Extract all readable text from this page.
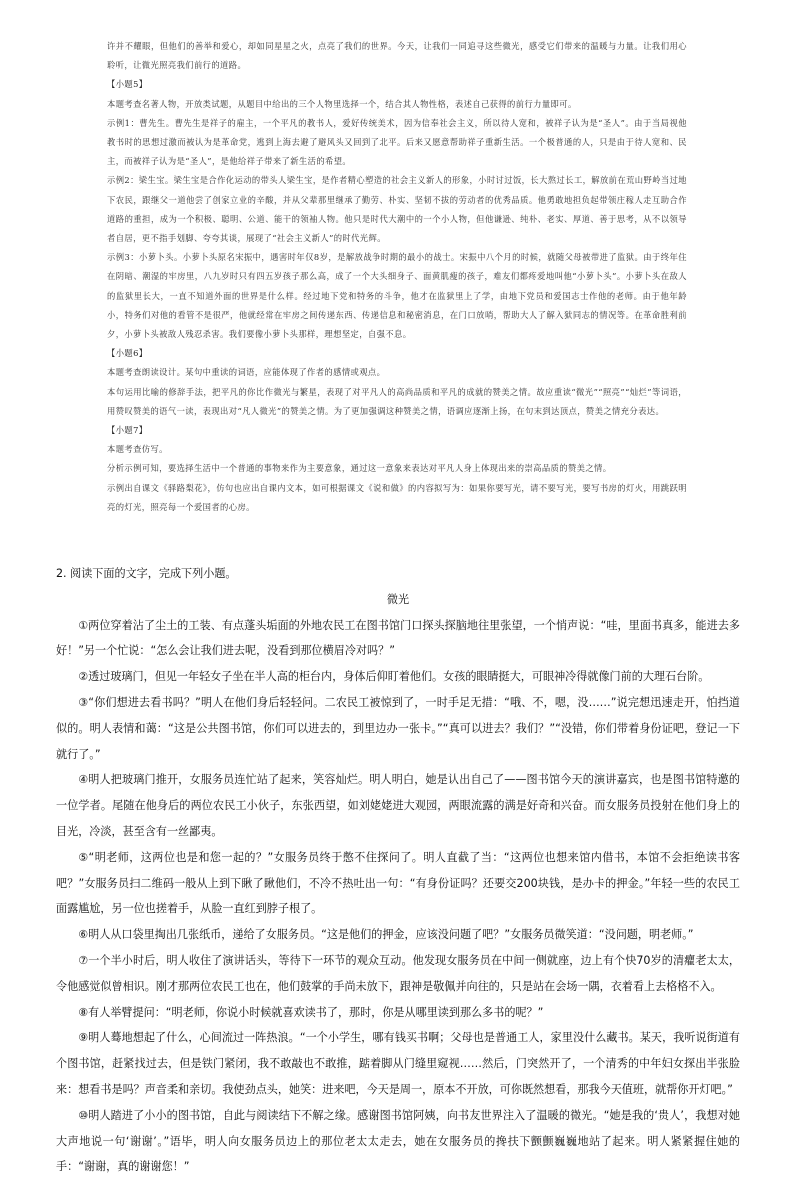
许并不耀眼，但他们的善举和爱心，却如同星星之火，点亮了我们的世界。今天，让我们一同追寻这些微光，感受它们带来的温暖与力量。让我们用心聆听，让微光照亮我们前行的道路。

【小题5】

本题考查名著人物，开放类试题，从题目中给出的三个人物里选择一个，结合其人物性格，表述自己获得的前行力量即可。

示例1：曹先生。曹先生是祥子的雇主，一个平凡的教书人，爱好传统美术，因为信奉社会主义，所以待人宽和，被祥子认为是“圣人”。由于当局视他教书时的思想过激而被认为是革命党，逃到上海去避了避风头又回到了北平。后来又愿意帮助祥子重新生活。一个极普通的人，只是由于待人宽和、民主，而被祥子认为是“圣人”，是他给祥子带来了新生活的希望。

示例2：梁生宝。梁生宝是合作化运动的带头人梁生宝，是作者精心塑造的社会主义新人的形象，小时讨过饭，长大熬过长工，解放前在荒山野岭当过地下农民，跟继父一道他尝了创家立业的辛酸，并从父辈那里继承了勤劳、朴实、坚韧不拔的劳动者的优秀品质。他勇敢地担负起带领庄稼人走互助合作道路的重担，成为一个积极、聪明、公道、能干的领袖人物。他只是时代大潮中的一个小人物，但他谦逊、纯朴、老实、厚道、善于思考，从不以领导者自居，更不指手划脚、夸夸其谈，展现了“社会主义新人”的时代光辉。

示例3：小萝卜头。小萝卜头原名宋振中，遇害时年仅8岁，是解放战争时期的最小的战士。宋振中八个月的时候，就随父母被带进了监狱。由于终年住在阴暗、潮湿的牢房里，八九岁时只有四五岁孩子那么高，成了一个大头细身子、面黄肌瘦的孩子，难友们都疼爱地叫他“小萝卜头”。小萝卜头在敌人的监狱里长大，一直不知道外面的世界是什么样。经过地下党和特务的斗争，他才在监狱里上了学，由地下党员和爱国志士作他的老师。由于他年龄小，特务们对他的看管不是很严，他就经常在牢房之间传递东西、传递信息和秘密消息，在门口放哨，帮助大人了解入狱同志的情况等。在革命胜利前夕，小萝卜头被敌人残忍杀害。我们要像小萝卜头那样，理想坚定，自强不息。

【小题6】

本题考查朗读设计。某句中重读的词语，应能体现了作者的感情或观点。

本句运用比喻的修辞手法，把平凡的你比作微光与繁星，表现了对平凡人的高尚品质和平凡的成就的赞美之情。故应重读“微光”“照亮”“灿烂”等词语，用赞叹赞美的语气一读，表现出对“凡人微光”的赞美之情。为了更加强调这种赞美之情，语调应逐渐上扬，在句末到达顶点，赞美之情充分表达。

【小题7】

本题考查仿写。

分析示例可知，要选择生活中一个普通的事物来作为主要意象，通过这一意象来表达对平凡人身上体现出来的崇高品质的赞美之情。

示例出自课文《驿路梨花》，仿句也应出自课内文本，如可根据课文《说和做》的内容拟写为：如果你要写光，请不要写光，要写书房的灯火，用跳跃明亮的灯光，照亮每一个爱国者的心房。

2. 阅读下面的文字，完成下列小题。

微光

①两位穿着沾了尘土的工装、有点蓬头垢面的外地农民工在图书馆门口探头探脑地往里张望，一个悄声说：“哇，里面书真多，能进去多好！”另一个忙说：“怎么会让我们进去呢，没看到那位横眉冷对吗？”

②透过玻璃门，但见一年轻女子坐在半人高的柜台内，身体后仰盯着他们。女孩的眼睛挺大，可眼神冷得就像门前的大理石台阶。

③“你们想进去看书吗？”明人在他们身后轻轻问。二农民工被惊到了，一时手足无措：“哦、不，嗯，没……”说完想迅速走开，怕挡道似的。明人表情和蔼：“这是公共图书馆，你们可以进去的，到里边办一张卡。”“真可以进去？我们？”“没错，你们带着身份证吧，登记一下就行了。”

④明人把玻璃门推开，女服务员连忙站了起来，笑容灿烂。明人明白，她是认出自己了——图书馆今天的演讲嘉宾，也是图书馆特邀的一位学者。尾随在他身后的两位农民工小伙子，东张西望，如刘姥姥进大观园，两眼流露的满是好奇和兴奋。而女服务员投射在他们身上的目光，冷淡，甚至含有一丝鄙夷。

⑤“明老师，这两位也是和您一起的？”女服务员终于憋不住探问了。明人直截了当：“这两位也想来馆内借书，本馆不会拒绝读书客吧？”女服务员扫二维码一般从上到下瞅了瞅他们，不冷不热吐出一句：“有身份证吗？还要交200块钱，是办卡的押金。”年轻一些的农民工面露尴尬，另一位也搓着手，从脸一直红到脖子根了。

⑥明人从口袋里掏出几张纸币，递给了女服务员。“这是他们的押金，应该没问题了吧？”女服务员微笑道：“没问题，明老师。”

⑦一个半小时后，明人收住了演讲话头，等待下一环节的观众互动。他发现女服务员在中间一侧就座，边上有个快70岁的清癯老太太，令他感觉似曾相识。刚才那两位农民工也在，他们鼓掌的手尚未放下，跟神是敬佩并向往的，只是站在会场一隅，衣着看上去格格不入。

⑧有人举臂提问：“明老师，你说小时候就喜欢读书了，那时，你是从哪里读到那么多书的呢？”

⑨明人蓦地想起了什么，心间流过一阵热浪。“一个小学生，哪有钱买书啊；父母也是普通工人，家里没什么藏书。某天，我听说街道有个图书馆，赶紧找过去，但是铁门紧闭，我不敢敲也不敢推，踮着脚从门缝里窥视……然后，门突然开了，一个清秀的中年妇女探出半张脸来：想看书是吗？声音柔和亲切。我使劲点头，她笑：进来吧，今天是周一，原本不开放，可你既然想看，那我今天值班，就帮你开灯吧。”

⑩明人踏进了小小的图书馆，自此与阅读结下不解之缘。感谢图书馆阿姨，向书友世界注入了温暖的微光。“她是我的‘贵人’，我想对她大声地说一句‘谢谢’。”语毕，明人向女服务员边上的那位老太太走去，她在女服务员的搀扶下颤颤巍巍地站了起来。明人紧紧握住她的手：“谢谢，真的谢谢您！”
